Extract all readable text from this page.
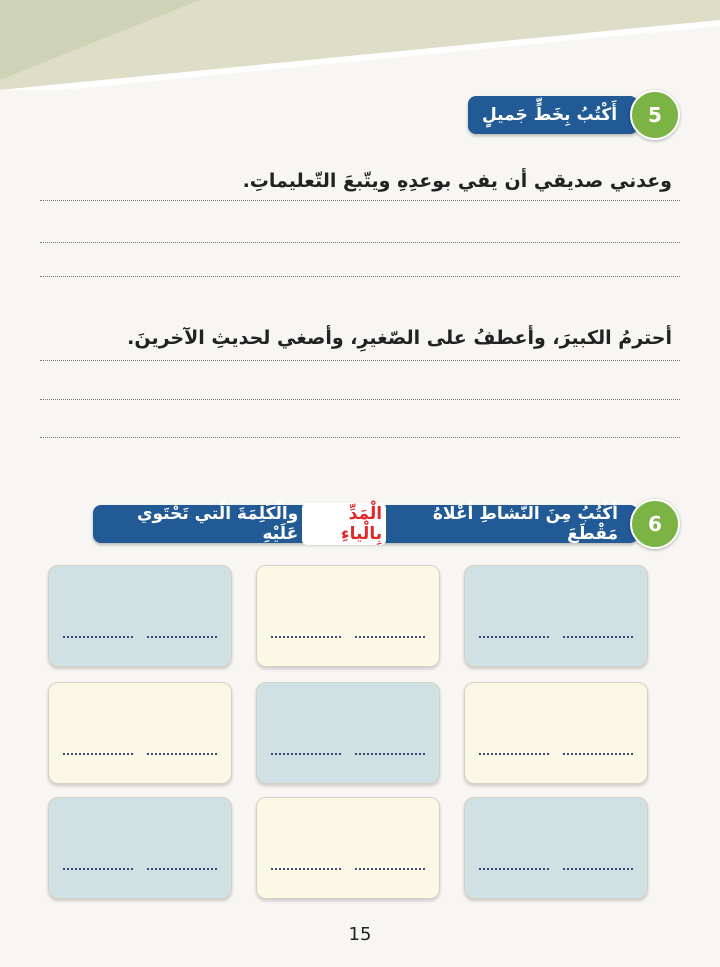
أَكْتُبُ بِخَطٍّ جَميلٍ	5
وعدني صديقي أن يفي بوعدِهِ ويتّبعَ التّعليماتِ.
أحترمُ الكبيرَ، وأعطفُ على الصّغيرِ، وأصغي لحديثِ الآخرينَ.
أَكْتُبُ مِنَ النَّشاطِ أَعْلاهُ مَقْطَعَ
الْمَدِّ بِالْياءِ
والْكَلِمَةَ الَّتي تَحْتَوي عَلَيْهِ	6
15
